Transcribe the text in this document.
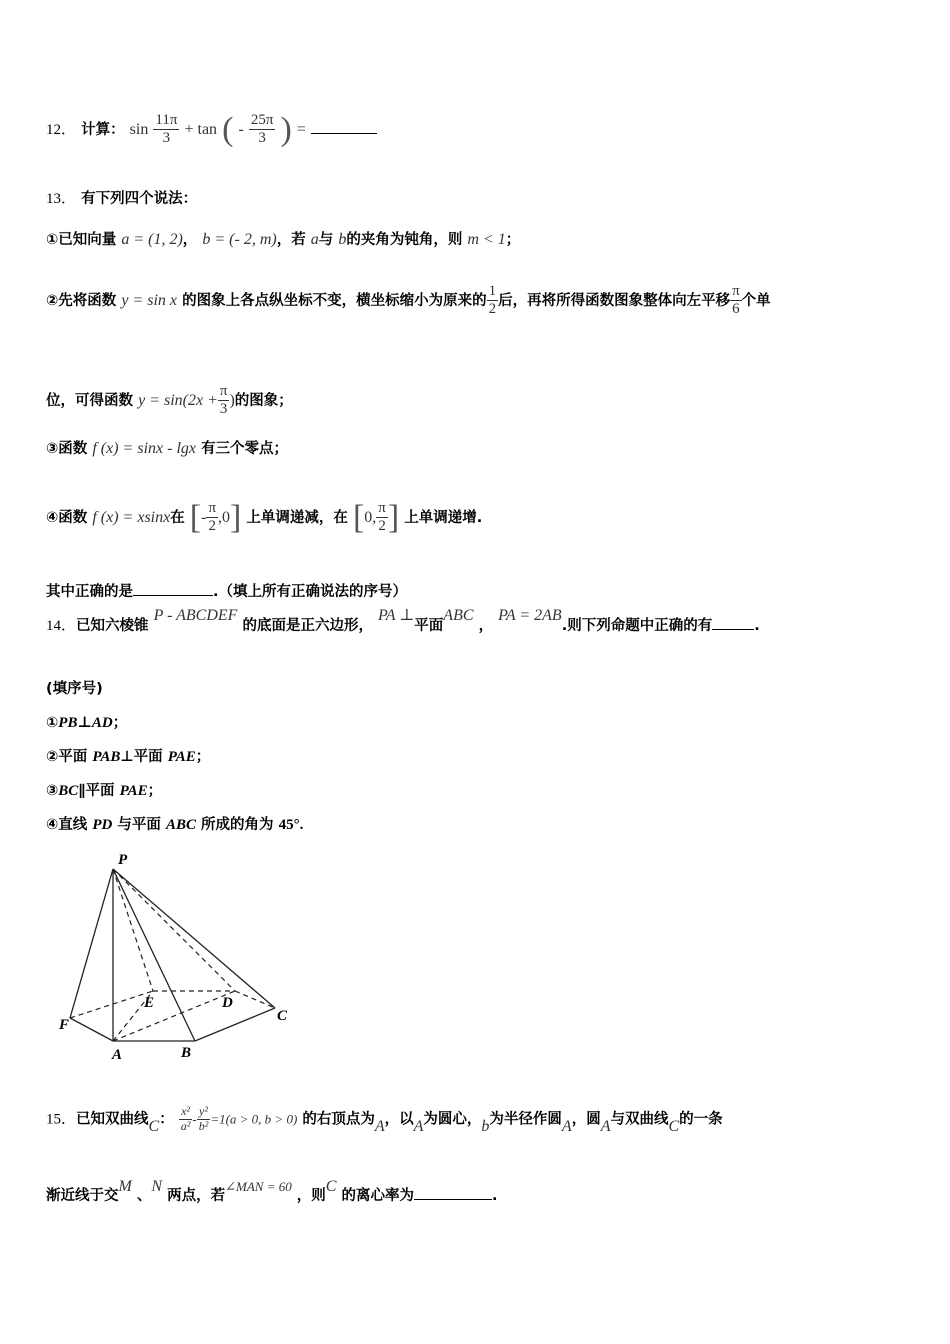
12． 计算： $\sin \frac{11\pi}{3} + \tan$ ( - $\frac{25\pi}{3}$ ) =
13． 有下列四个说法：
①已知向量 a = (1, 2)， b = (- 2, m)，若 a与 b的夹角为钝角，则 m < 1；
②先将函数 y = sin x 的图象上各点纵坐标不变，横坐标缩小为原来的 $\frac{1}{2}$ 后，再将所得函数图象整体向左平移 $\frac{\pi}{6}$ 个单
位，可得函数 $y = \sin(2x + \frac{\pi}{3}$ )的图象；
③函数 f (x) = sinx - lgx 有三个零点；
④函数 f (x) = xsinx在 [- $\frac{\pi}{2} ,0$] 上单调递减，在 [0, $\frac{\pi}{2}$ ] 上单调递增.
其中正确的是	.（填上所有正确说法的序号）
14．已知六棱锥 P - ABCDEF 的底面是正六边形， PA ⊥平面ABC ， PA = 2AB.则下列命题中正确的有	.
(填序号)
①PB⊥AD；
②平面 PAB⊥平面 PAE；
③BC∥平面 PAE；
④直线 PD 与平面 ABC 所成的角为 45°.
P
F
A	B
C
D
E
15．已知双曲线C： $\frac{\text{x²}}{\text{a²}} - \frac{\text{y²}}{\text{b²}} =1(a > 0$, b > 0) 的右顶点为A，以A为圆心，b为半径作圆A，圆A与双曲线C的一条
渐近线于交M 、N 两点，若∠MAN = 60 ，则C 的离心率为	.
